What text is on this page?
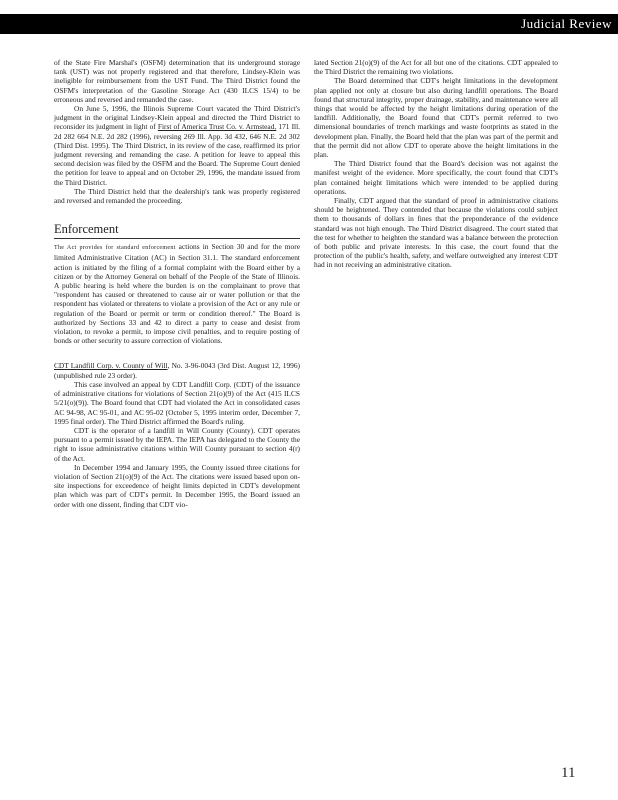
Judicial Review

of the State Fire Marshal's (OSFM) determination that its underground storage tank (UST) was not properly registered and that therefore, Lindsey-Klein was ineligible for reimbursement from the UST Fund. The Third District found the OSFM's interpretation of the Gasoline Storage Act (430 ILCS 15/4) to be erroneous and reversed and remanded the case.

On June 5, 1996, the Illinois Supreme Court vacated the Third District's judgment in the original Lindsey-Klein appeal and directed the Third District to reconsider its judgment in light of First of America Trust Co. v. Armstead, 171 Ill. 2d 282 664 N.E. 2d 282 (1996), reversing 269 Ill. App. 3d 432, 646 N.E. 2d 302 (Third Dist. 1995). The Third District, in its review of the case, reaffirmed its prior judgment reversing and remanding the case. A petition for leave to appeal this second decision was filed by the OSFM and the Board. The Supreme Court denied the petition for leave to appeal and on October 29, 1996, the mandate issued from the Third District.

The Third District held that the dealership's tank was properly registered and reversed and remanded the proceeding.

Enforcement

The Act provides for standard enforcement actions in Section 30 and for the more limited Administrative Citation (AC) in Section 31.1. The standard enforcement action is initiated by the filing of a formal complaint with the Board either by a citizen or by the Attorney General on behalf of the People of the State of Illinois. A public hearing is held where the burden is on the complainant to prove that "respondent has caused or threatened to cause air or water pollution or that the respondent has violated or threatens to violate a provision of the Act or any rule or regulation of the Board or permit or term or condition thereof." The Board is authorized by Sections 33 and 42 to direct a party to cease and desist from violation, to revoke a permit, to impose civil penalties, and to require posting of bonds or other security to assure correction of violations.

CDT Landfill Corp. v. County of Will, No. 3-96-0043 (3rd Dist. August 12, 1996)(unpublished rule 23 order).

This case involved an appeal by CDT Landfill Corp. (CDT) of the issuance of administrative citations for violations of Section 21(o)(9) of the Act (415 ILCS 5/21(o)(9)). The Board found that CDT had violated the Act in consolidated cases AC 94-98, AC 95-01, and AC 95-02 (October 5, 1995 interim order, December 7, 1995 final order). The Third District affirmed the Board's ruling.

CDT is the operator of a landfill in Will County (County). CDT operates pursuant to a permit issued by the IEPA. The IEPA has delegated to the County the right to issue administrative citations within Will County pursuant to section 4(r) of the Act.

In December 1994 and January 1995, the County issued three citations for violation of Section 21(o)(9) of the Act. The citations were issued based upon on-site inspections for exceedence of height limits depicted in CDT's development plan which was part of CDT's permit. In December 1995, the Board issued an order with one dissent, finding that CDT vio-

lated Section 21(o)(9) of the Act for all but one of the citations. CDT appealed to the Third District the remaining two violations.

The Board determined that CDT's height limitations in the development plan applied not only at closure but also during landfill operations. The Board found that structural integrity, proper drainage, stability, and maintenance were all things that would be affected by the height limitations during operation of the landfill. Additionally, the Board found that CDT's permit referred to two dimensional boundaries of trench markings and waste footprints as stated in the development plan. Finally, the Board held that the plan was part of the permit and that the permit did not allow CDT to operate above the height limitations in the plan.

The Third District found that the Board's decision was not against the manifest weight of the evidence. More specifically, the court found that CDT's plan contained height limitations which were intended to be applied during operations.

Finally, CDT argued that the standard of proof in administrative citations should be heightened. They contended that because the violations could subject them to thousands of dollars in fines that the preponderance of the evidence standard was not high enough. The Third District disagreed. The court stated that the test for whether to heighten the standard was a balance between the protection of both public and private interests. In this case, the court found that the protection of the public's health, safety, and welfare outweighed any interest CDT had in not receiving an administrative citation.

11
